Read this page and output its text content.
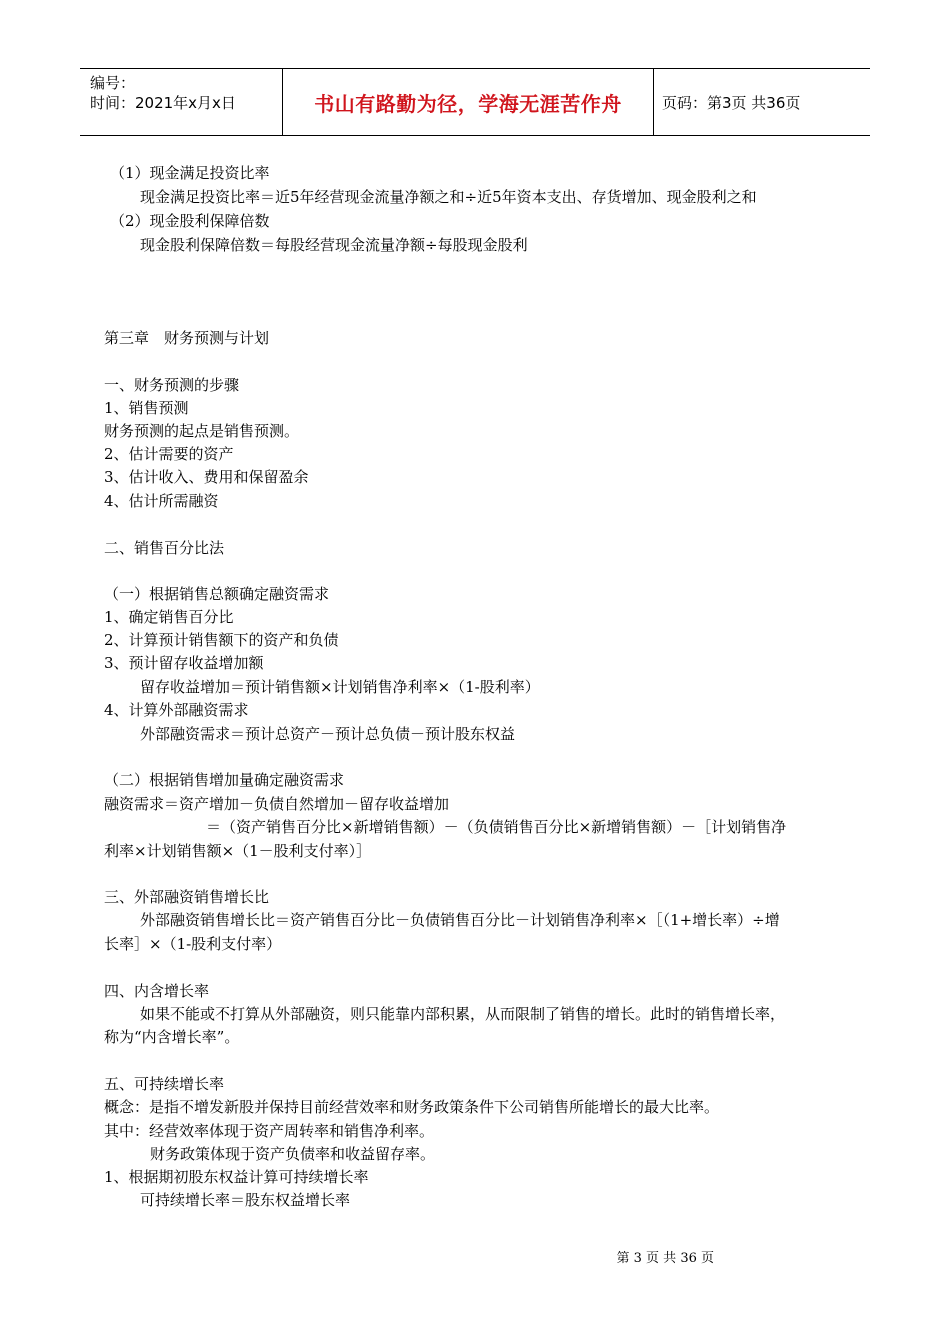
编号：
时间：2021年x月x日	书山有路勤为径，学海无涯苦作舟	页码：第3页 共36页
（1）现金满足投资比率
现金满足投资比率＝近5年经营现金流量净额之和÷近5年资本支出、存货增加、现金股利之和
（2）现金股利保障倍数
现金股利保障倍数＝每股经营现金流量净额÷每股现金股利
第三章　财务预测与计划
一、财务预测的步骤
1、销售预测
财务预测的起点是销售预测。
2、估计需要的资产
3、估计收入、费用和保留盈余
4、估计所需融资
二、销售百分比法
（一）根据销售总额确定融资需求
1、确定销售百分比
2、计算预计销售额下的资产和负债
3、预计留存收益增加额
留存收益增加＝预计销售额×计划销售净利率×（1-股利率）
4、计算外部融资需求
外部融资需求＝预计总资产－预计总负债－预计股东权益
（二）根据销售增加量确定融资需求
融资需求＝资产增加－负债自然增加－留存收益增加
＝（资产销售百分比×新增销售额）－（负债销售百分比×新增销售额）－［计划销售净
利率×计划销售额×（1－股利支付率）］
三、外部融资销售增长比
外部融资销售增长比＝资产销售百分比－负债销售百分比－计划销售净利率×［（1+增长率）÷增
长率］×（1-股利支付率）
四、内含增长率
如果不能或不打算从外部融资，则只能靠内部积累，从而限制了销售的增长。此时的销售增长率，
称为“内含增长率”。
五、可持续增长率
概念：是指不增发新股并保持目前经营效率和财务政策条件下公司销售所能增长的最大比率。
其中：经营效率体现于资产周转率和销售净利率。
财务政策体现于资产负债率和收益留存率。
1、根据期初股东权益计算可持续增长率
可持续增长率＝股东权益增长率
第 3 页 共 36 页
